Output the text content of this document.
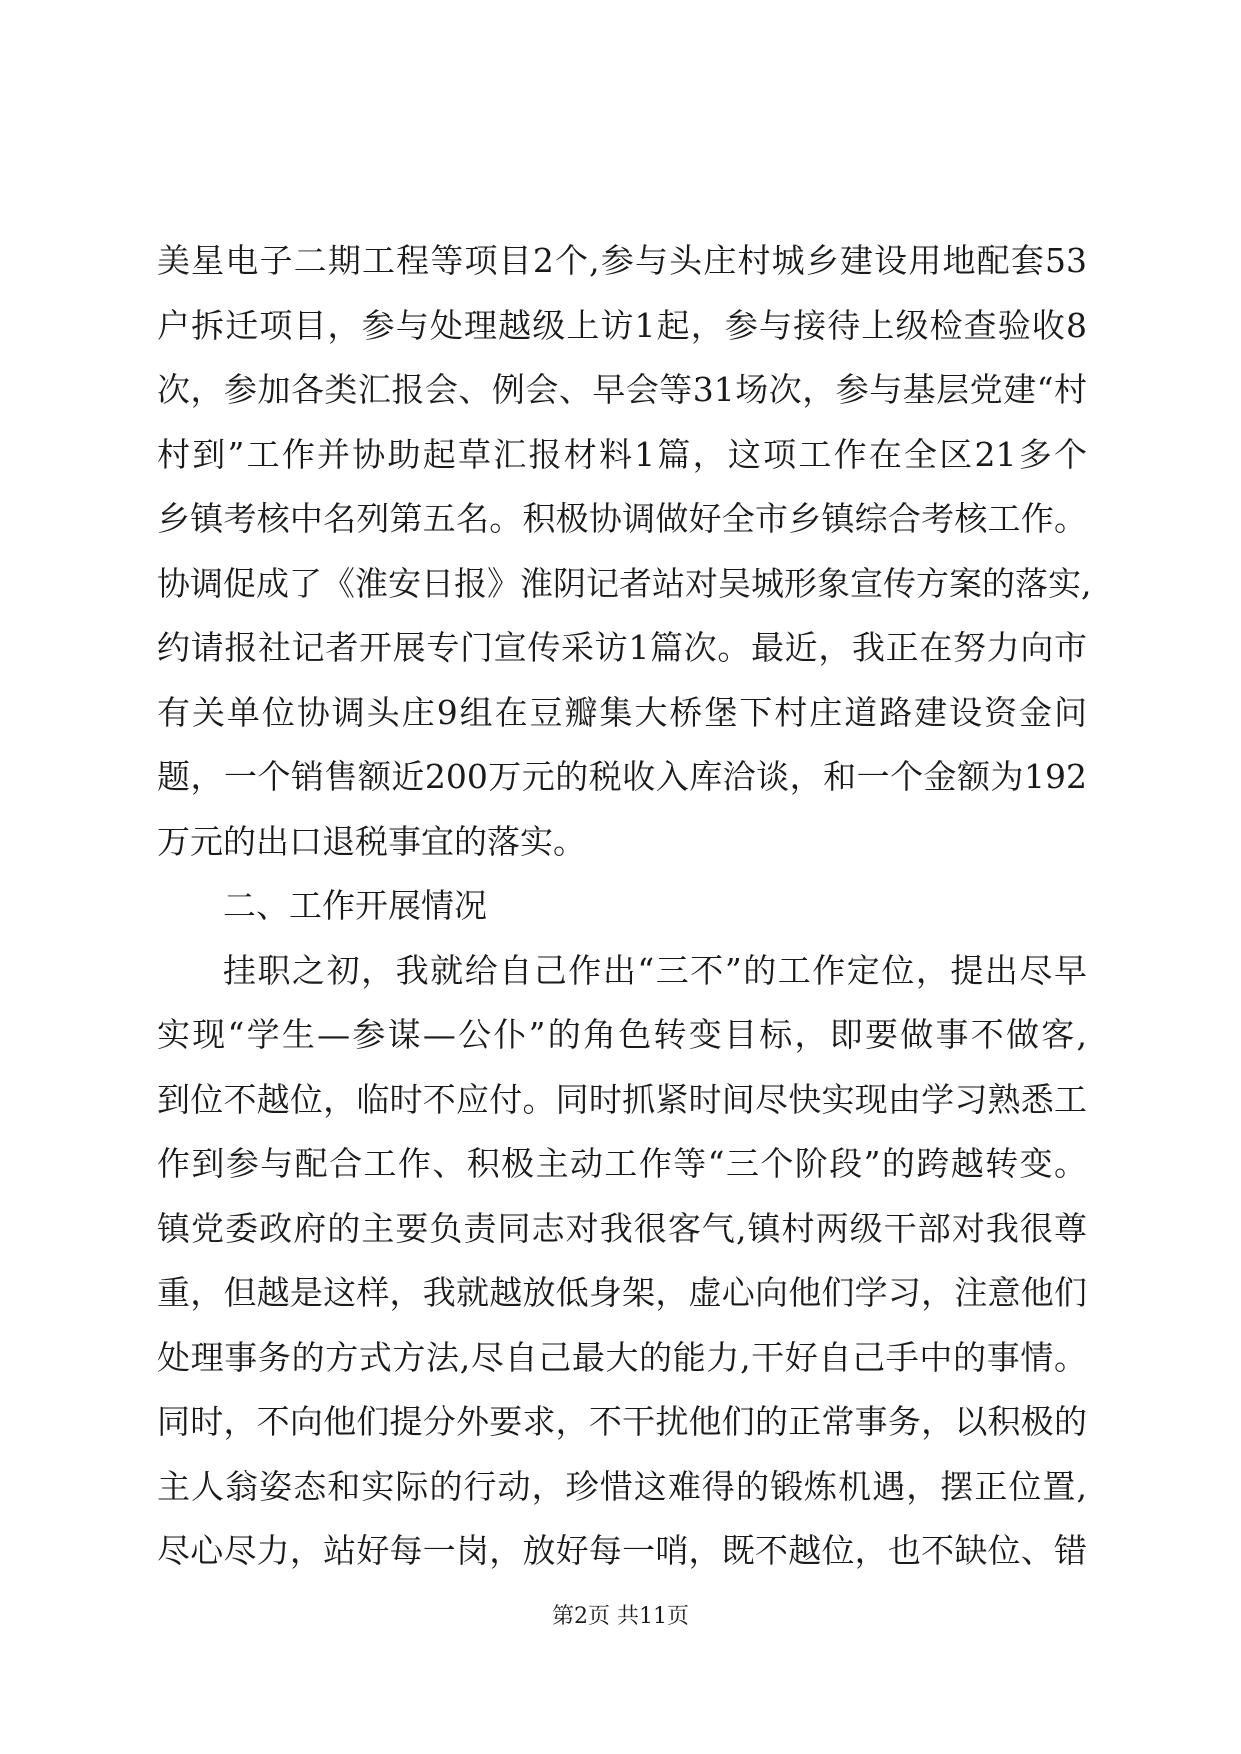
美星电子二期工程等项目2个,参与头庄村城乡建设用地配套53
户拆迁项目，参与处理越级上访1起，参与接待上级检查验收8
次，参加各类汇报会、例会、早会等31场次，参与基层党建“村
村到”工作并协助起草汇报材料1篇，这项工作在全区21多个
乡镇考核中名列第五名。积极协调做好全市乡镇综合考核工作。
协调促成了《淮安日报》淮阴记者站对吴城形象宣传方案的落实,
约请报社记者开展专门宣传采访1篇次。最近，我正在努力向市
有关单位协调头庄9组在豆瓣集大桥堡下村庄道路建设资金问
题，一个销售额近200万元的税收入库洽谈，和一个金额为192
万元的出口退税事宜的落实。
二、工作开展情况
挂职之初，我就给自己作出“三不”的工作定位，提出尽早
实现“学生—参谋—公仆”的角色转变目标，即要做事不做客,
到位不越位，临时不应付。同时抓紧时间尽快实现由学习熟悉工
作到参与配合工作、积极主动工作等“三个阶段”的跨越转变。
镇党委政府的主要负责同志对我很客气,镇村两级干部对我很尊
重，但越是这样，我就越放低身架，虚心向他们学习，注意他们
处理事务的方式方法,尽自己最大的能力,干好自己手中的事情。
同时，不向他们提分外要求，不干扰他们的正常事务，以积极的
主人翁姿态和实际的行动，珍惜这难得的锻炼机遇，摆正位置,
尽心尽力，站好每一岗，放好每一哨，既不越位，也不缺位、错
第2页 共11页
